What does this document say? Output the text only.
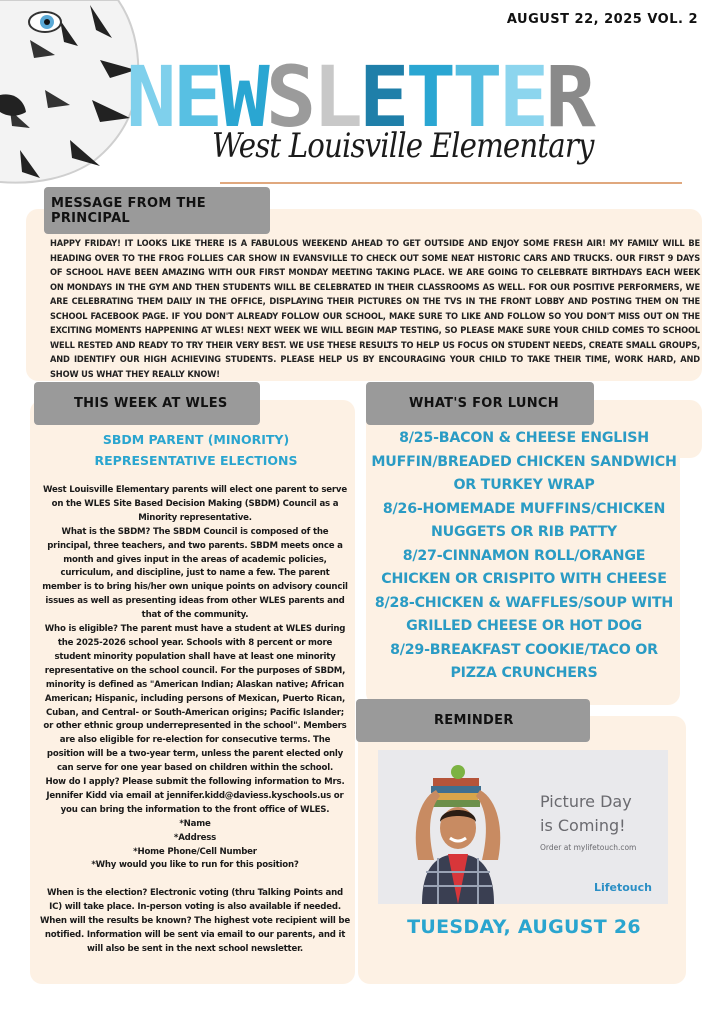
AUGUST 22, 2025 VOL. 2
N E W S L E T T E R
West Louisville Elementary
MESSAGE FROM THE PRINCIPAL

HAPPY FRIDAY! IT LOOKS LIKE THERE IS A FABULOUS WEEKEND AHEAD TO GET OUTSIDE AND ENJOY SOME FRESH AIR! MY FAMILY WILL BE HEADING OVER TO THE FROG FOLLIES CAR SHOW IN EVANSVILLE TO CHECK OUT SOME NEAT HISTORIC CARS AND TRUCKS. OUR FIRST 9 DAYS OF SCHOOL HAVE BEEN AMAZING WITH OUR FIRST MONDAY MEETING TAKING PLACE. WE ARE GOING TO CELEBRATE BIRTHDAYS EACH WEEK ON MONDAYS IN THE GYM AND THEN STUDENTS WILL BE CELEBRATED IN THEIR CLASSROOMS AS WELL. FOR OUR POSITIVE PERFORMERS, WE ARE CELEBRATING THEM DAILY IN THE OFFICE, DISPLAYING THEIR PICTURES ON THE TVS IN THE FRONT LOBBY AND POSTING THEM ON THE SCHOOL FACEBOOK PAGE. IF YOU DON'T ALREADY FOLLOW OUR SCHOOL, MAKE SURE TO LIKE AND FOLLOW SO YOU DON'T MISS OUT ON THE EXCITING MOMENTS HAPPENING AT WLES! NEXT WEEK WE WILL BEGIN MAP TESTING, SO PLEASE MAKE SURE YOUR CHILD COMES TO SCHOOL WELL RESTED AND READY TO TRY THEIR VERY BEST. WE USE THESE RESULTS TO HELP US FOCUS ON STUDENT NEEDS, CREATE SMALL GROUPS, AND IDENTIFY OUR HIGH ACHIEVING STUDENTS. PLEASE HELP US BY ENCOURAGING YOUR CHILD TO TAKE THEIR TIME, WORK HARD, AND SHOW US WHAT THEY REALLY KNOW!

THIS WEEK AT WLES
SBDM PARENT (MINORITY) REPRESENTATIVE ELECTIONS
West Louisville Elementary parents will elect one parent to serve on the WLES Site Based Decision Making (SBDM) Council as a Minority representative.
What is the SBDM? The SBDM Council is composed of the principal, three teachers, and two parents. SBDM meets once a month and gives input in the areas of academic policies, curriculum, and discipline, just to name a few. The parent member is to bring his/her own unique points on advisory council issues as well as presenting ideas from other WLES parents and that of the community.
Who is eligible? The parent must have a student at WLES during the 2025-2026 school year. Schools with 8 percent or more student minority population shall have at least one minority representative on the school council. For the purposes of SBDM, minority is defined as "American Indian; Alaskan native; African American; Hispanic, including persons of Mexican, Puerto Rican, Cuban, and Central- or South-American origins; Pacific Islander; or other ethnic group underrepresented in the school". Members are also eligible for re-election for consecutive terms. The position will be a two-year term, unless the parent elected only can serve for one year based on children within the school.
How do I apply? Please submit the following information to Mrs. Jennifer Kidd via email at jennifer.kidd@daviess.kyschools.us or you can bring the information to the front office of WLES.
*Name
*Address
*Home Phone/Cell Number
*Why would you like to run for this position?
When is the election? Electronic voting (thru Talking Points and IC) will take place. In-person voting is also available if needed. When will the results be known? The highest vote recipient will be notified. Information will be sent via email to our parents, and it will also be sent in the next school newsletter.
WHAT'S FOR LUNCH
8/25-BACON & CHEESE ENGLISH MUFFIN/BREADED CHICKEN SANDWICH OR TURKEY WRAP
8/26-HOMEMADE MUFFINS/CHICKEN NUGGETS OR RIB PATTY
8/27-CINNAMON ROLL/ORANGE CHICKEN OR CRISPITO WITH CHEESE
8/28-CHICKEN & WAFFLES/SOUP WITH GRILLED CHEESE OR HOT DOG
8/29-BREAKFAST COOKIE/TACO OR PIZZA CRUNCHERS
REMINDER
Picture Day
is Coming!
Order at mylifetouch.com
Lifetouch
TUESDAY, AUGUST 26
